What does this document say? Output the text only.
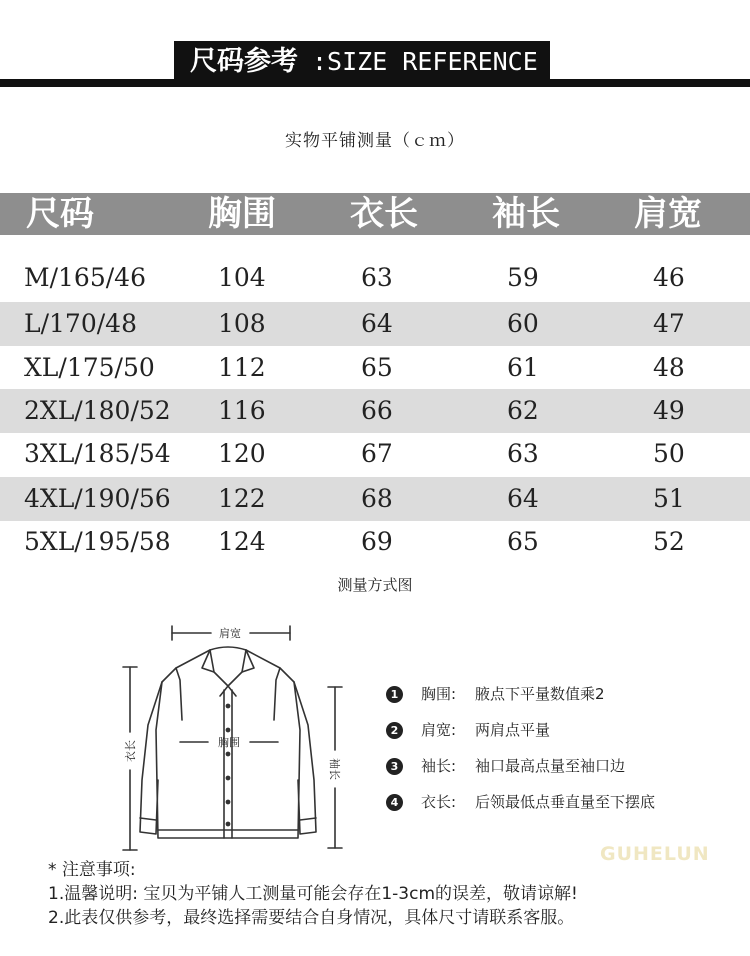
尺码参考 :SIZE REFERENCE
实物平铺测量（ｃｍ）
尺码	胸围 衣长 袖长 肩宽
M/165/46	104	63	59	46
L/170/48	108	64	60	47
XL/175/50	112	65	61	48
2XL/180/52 116	66	62	49
3XL/185/54 120	67	63	50
4XL/190/56 122	68	64	51
5XL/195/58 124	69	65	52
测量方式图
肩宽
胸围
衣长
袖长
1 胸围: 腋点下平量数值乘2
2 肩宽: 两肩点平量
3 袖长: 袖口最高点量至袖口边
4 衣长: 后领最低点垂直量至下摆底
GUHELUN
* 注意事项:
1.温馨说明: 宝贝为平铺人工测量可能会存在1-3cm的误差，敬请谅解!
2.此表仅供参考，最终选择需要结合自身情况，具体尺寸请联系客服。
